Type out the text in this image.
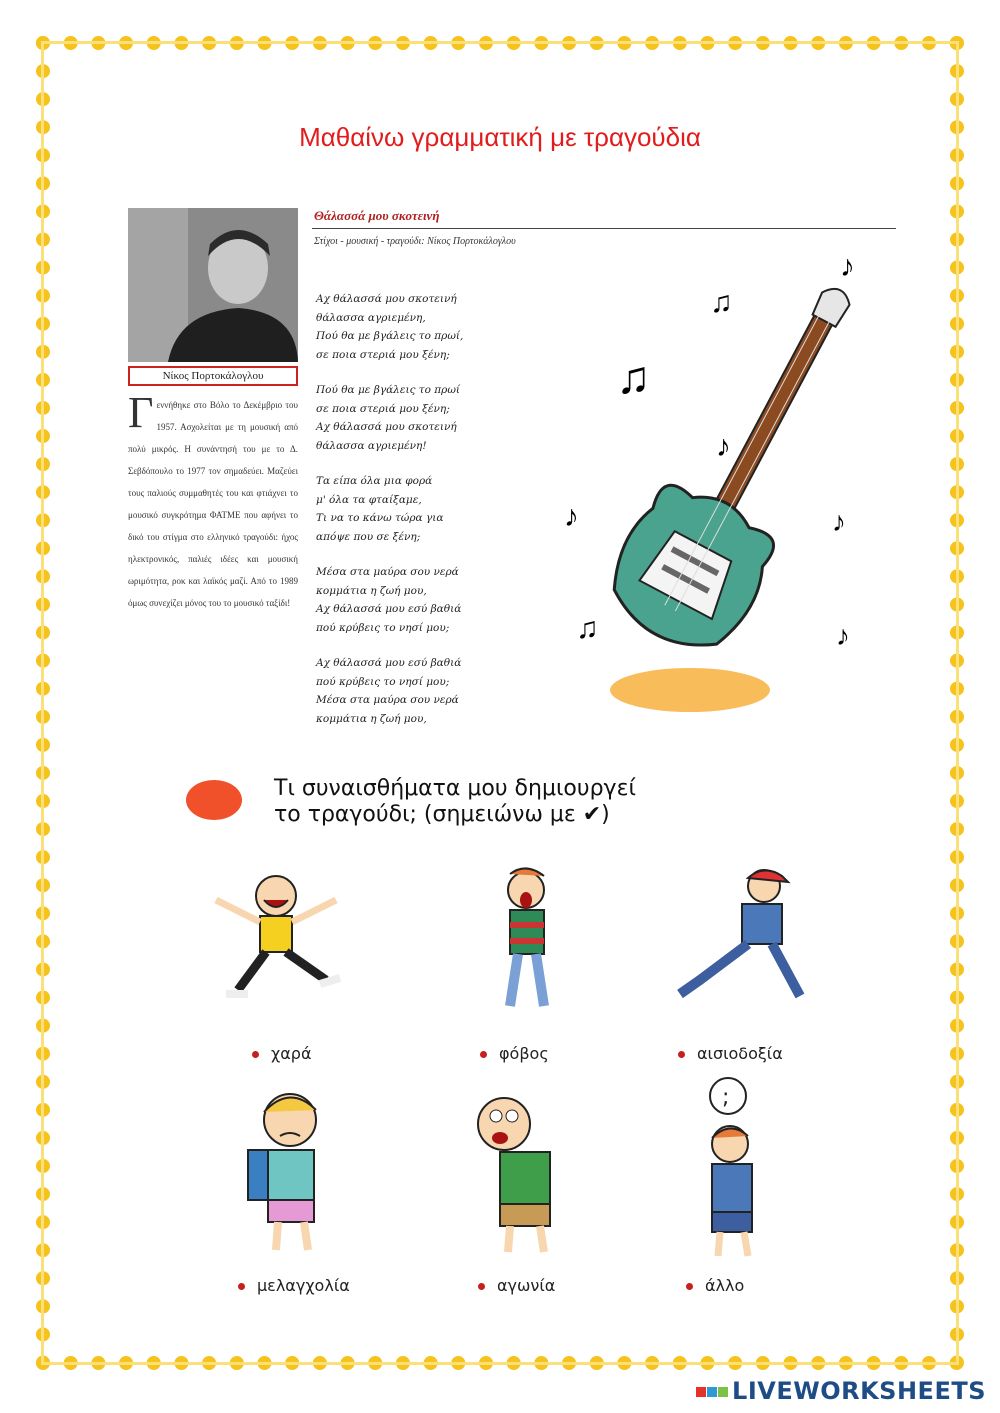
Μαθαίνω γραμματική με τραγούδια
Νίκος Πορτοκάλογλου
Γ εννήθηκε στο Βόλο το Δεκέμβριο του 1957. Ασχολείται με τη μουσική από πολύ μικρός. Η συνάντησή του με το Δ. Σεβδόπουλο το 1977 τον σημαδεύει. Μαζεύει τους παλιούς συμμαθητές του και φτιάχνει το μουσικό συγκρότημα ΦΑΤΜΕ που αφήνει το δικό του στίγμα στο ελληνικό τραγούδι: ήχος ηλεκτρονικός, παλιές ιδέες και μουσική ωριμότητα, ροκ και λαϊκός μαζί. Από το 1989 όμως συνεχίζει μόνος του το μουσικό ταξίδι!
Θάλασσά μου σκοτεινή
Στίχοι - μουσική - τραγούδι: Νίκος Πορτοκάλογλου
Αχ θάλασσά μου σκοτεινή
θάλασσα αγριεμένη,
Πού θα με βγάλεις το πρωί,
σε ποια στεριά μου ξένη;
Πού θα με βγάλεις το πρωί
σε ποια στεριά μου ξένη;
Αχ θάλασσά μου σκοτεινή
θάλασσα αγριεμένη!
Τα είπα όλα μια φορά
μ' όλα τα φταίξαμε,
Τι να το κάνω τώρα για
απόψε που σε ξένη;
Μέσα στα μαύρα σου νερά
κομμάτια η ζωή μου,
Αχ θάλασσά μου εσύ βαθιά
πού κρύβεις το νησί μου;
Αχ θάλασσά μου εσύ βαθιά
πού κρύβεις το νησί μου;
Μέσα στα μαύρα σου νερά
κομμάτια η ζωή μου,
♪
♫
♫
♪
♪	♪
♫	♪
Τι συναισθήματα μου δημιουργεί
το τραγούδι; (σημειώνω με ✔)
χαρά	φόβος	αισιοδοξία
μελαγχολία	αγωνία
;
άλλο
LIVEWORKSHEETS
